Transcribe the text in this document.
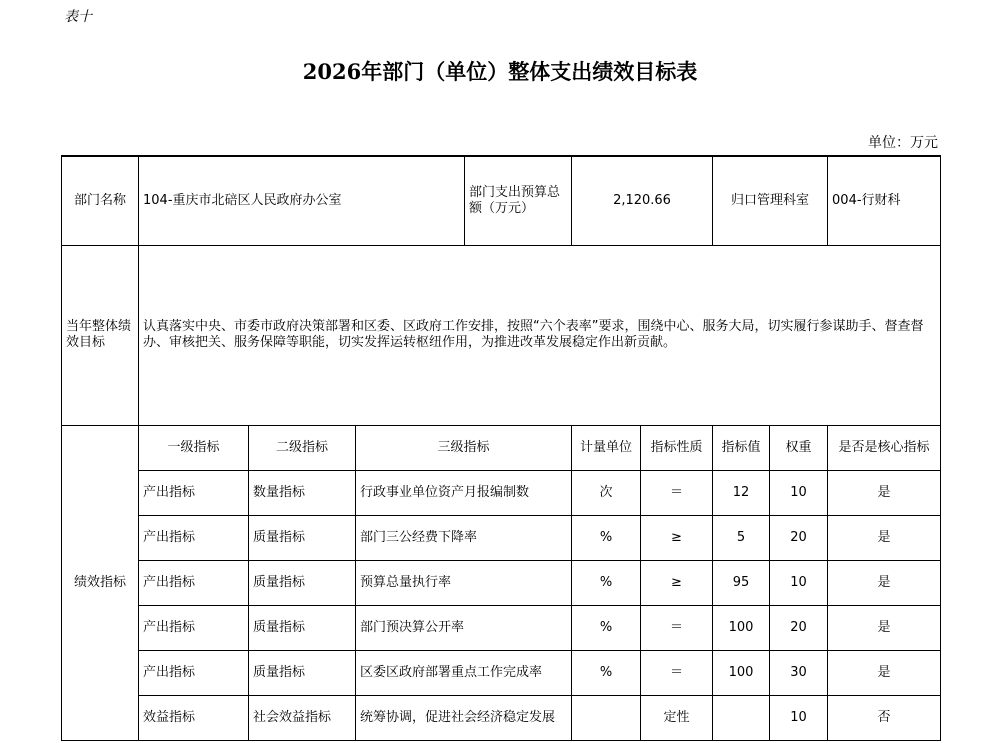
表十
2026年部门（单位）整体支出绩效目标表
单位：万元
部门名称	104-重庆市北碚区人民政府办公室			部门支出预算总额（万元）	2,120.66		归口管理科室		004-行财科
当年整体绩效目标	认真落实中央、市委市政府决策部署和区委、区政府工作安排，按照“六个表率”要求，围绕中心、服务大局，切实履行参谋助手、督查督办、审核把关、服务保障等职能，切实发挥运转枢纽作用，为推进改革发展稳定作出新贡献。								
绩效指标	一级指标	二级指标	三级指标		计量单位	指标性质	指标值	权重	是否是核心指标
	产出指标	数量指标	行政事业单位资产月报编制数		次	＝	12	10	是
	产出指标	质量指标	部门三公经费下降率		%	≥	5	20	是
	产出指标	质量指标	预算总量执行率		%	≥	95	10	是
	产出指标	质量指标	部门预决算公开率		%	＝	100	20	是
	产出指标	质量指标	区委区政府部署重点工作完成率		%	＝	100	30	是
	效益指标	社会效益指标	统筹协调，促进社会经济稳定发展			定性		10	否
